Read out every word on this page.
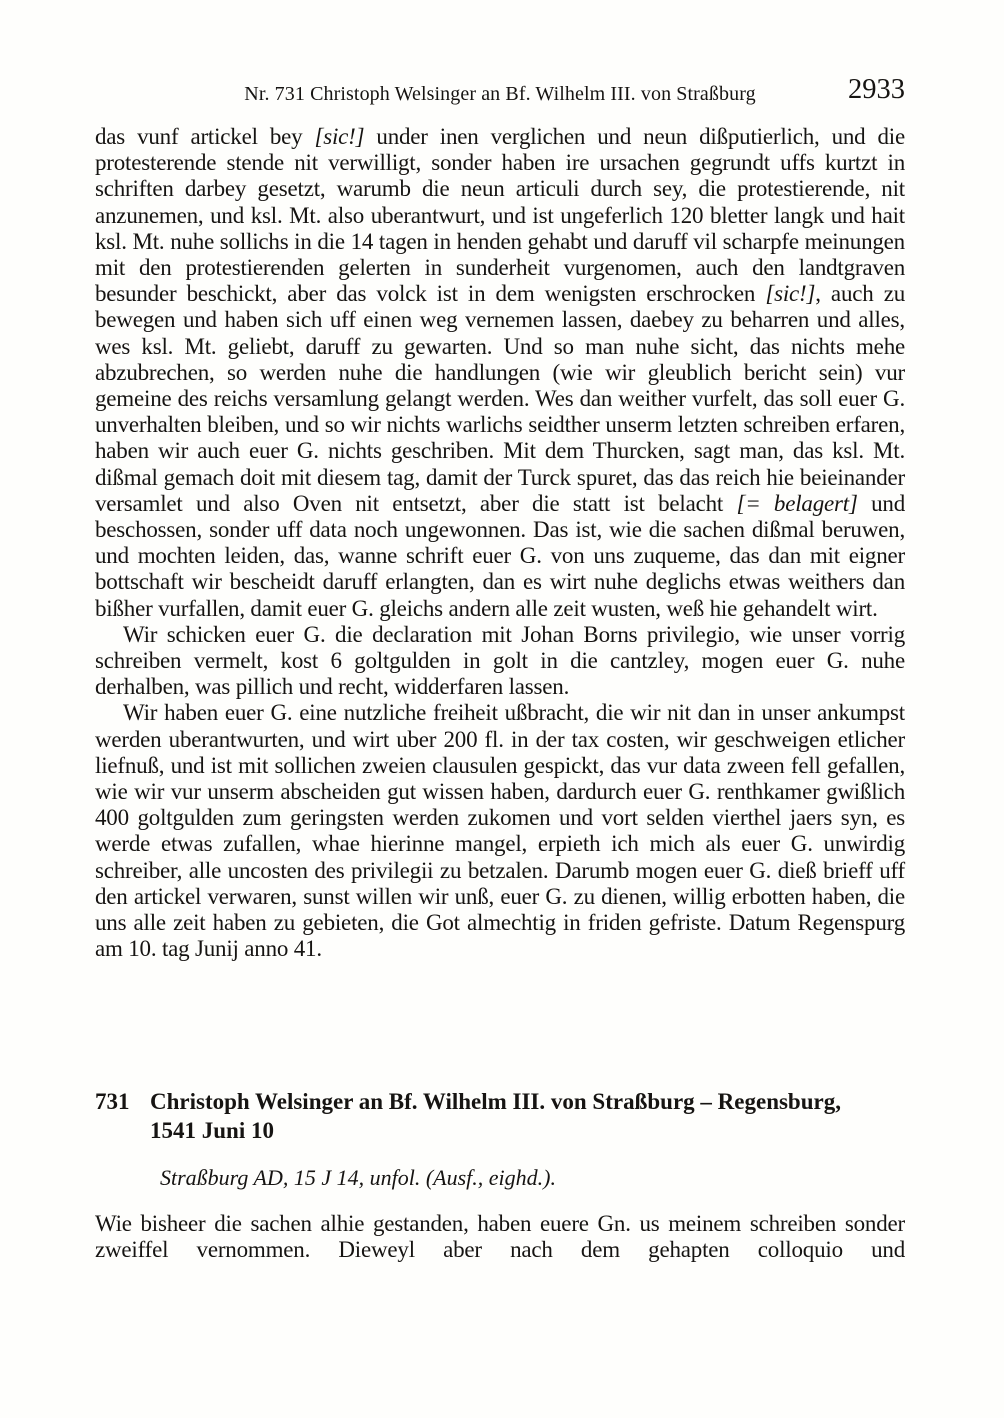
Nr. 731 Christoph Welsinger an Bf. Wilhelm III. von Straßburg	2933

das vunf artickel bey [sic!] under inen verglichen und neun dißputierlich, und die protesterende stende nit verwilligt, sonder haben ire ursachen gegrundt uffs kurtzt in schriften darbey gesetzt, warumb die neun articuli durch sey, die protestierende, nit anzunemen, und ksl. Mt. also uberantwurt, und ist ungeferlich 120 bletter langk und hait ksl. Mt. nuhe sollichs in die 14 tagen in henden gehabt und daruff vil scharpfe meinungen mit den protestierenden gelerten in sunderheit vurgenomen, auch den landtgraven besunder beschickt, aber das volck ist in dem wenigsten erschrocken [sic!], auch zu bewegen und haben sich uff einen weg vernemen lassen, daebey zu beharren und alles, wes ksl. Mt. geliebt, daruff zu gewarten. Und so man nuhe sicht, das nichts mehe abzubrechen, so werden nuhe die handlungen (wie wir gleublich bericht sein) vur gemeine des reichs versamlung gelangt werden. Wes dan weither vurfelt, das soll euer G. unverhalten bleiben, und so wir nichts warlichs seidther unserm letzten schreiben erfaren, haben wir auch euer G. nichts geschriben. Mit dem Thurcken, sagt man, das ksl. Mt. dißmal gemach doit mit diesem tag, damit der Turck spuret, das das reich hie beieinander versamlet und also Oven nit entsetzt, aber die statt ist belacht [= belagert] und beschossen, sonder uff data noch ungewonnen. Das ist, wie die sachen dißmal beruwen, und mochten leiden, das, wanne schrift euer G. von uns zuqueme, das dan mit eigner bottschaft wir bescheidt daruff erlangten, dan es wirt nuhe deglichs etwas weithers dan bißher vurfallen, damit euer G. gleichs andern alle zeit wusten, weß hie gehandelt wirt.

Wir schicken euer G. die declaration mit Johan Borns privilegio, wie unser vorrig schreiben vermelt, kost 6 goltgulden in golt in die cantzley, mogen euer G. nuhe derhalben, was pillich und recht, widderfaren lassen.

Wir haben euer G. eine nutzliche freiheit ußbracht, die wir nit dan in unser ankumpst werden uberantwurten, und wirt uber 200 fl. in der tax costen, wir geschweigen etlicher liefnuß, und ist mit sollichen zweien clausulen gespickt, das vur data zween fell gefallen, wie wir vur unserm abscheiden gut wissen haben, dardurch euer G. renthkamer gwißlich 400 goltgulden zum geringsten werden zukomen und vort selden vierthel jaers syn, es werde etwas zufallen, whae hierinne mangel, erpieth ich mich als euer G. unwirdig schreiber, alle uncosten des privilegii zu betzalen. Darumb mogen euer G. dieß brieff uff den artickel verwaren, sunst willen wir unß, euer G. zu dienen, willig erbotten haben, die uns alle zeit haben zu gebieten, die Got almechtig in friden gefriste. Datum Regenspurg am 10. tag Junij anno 41.

731 Christoph Welsinger an Bf. Wilhelm III. von Straßburg – Regensburg, 1541 Juni 10
Straßburg AD, 15 J 14, unfol. (Ausf., eighd.).

Wie bisheer die sachen alhie gestanden, haben euere Gn. us meinem schreiben sonder zweiffel vernommen. Dieweyl aber nach dem gehapten colloquio und
